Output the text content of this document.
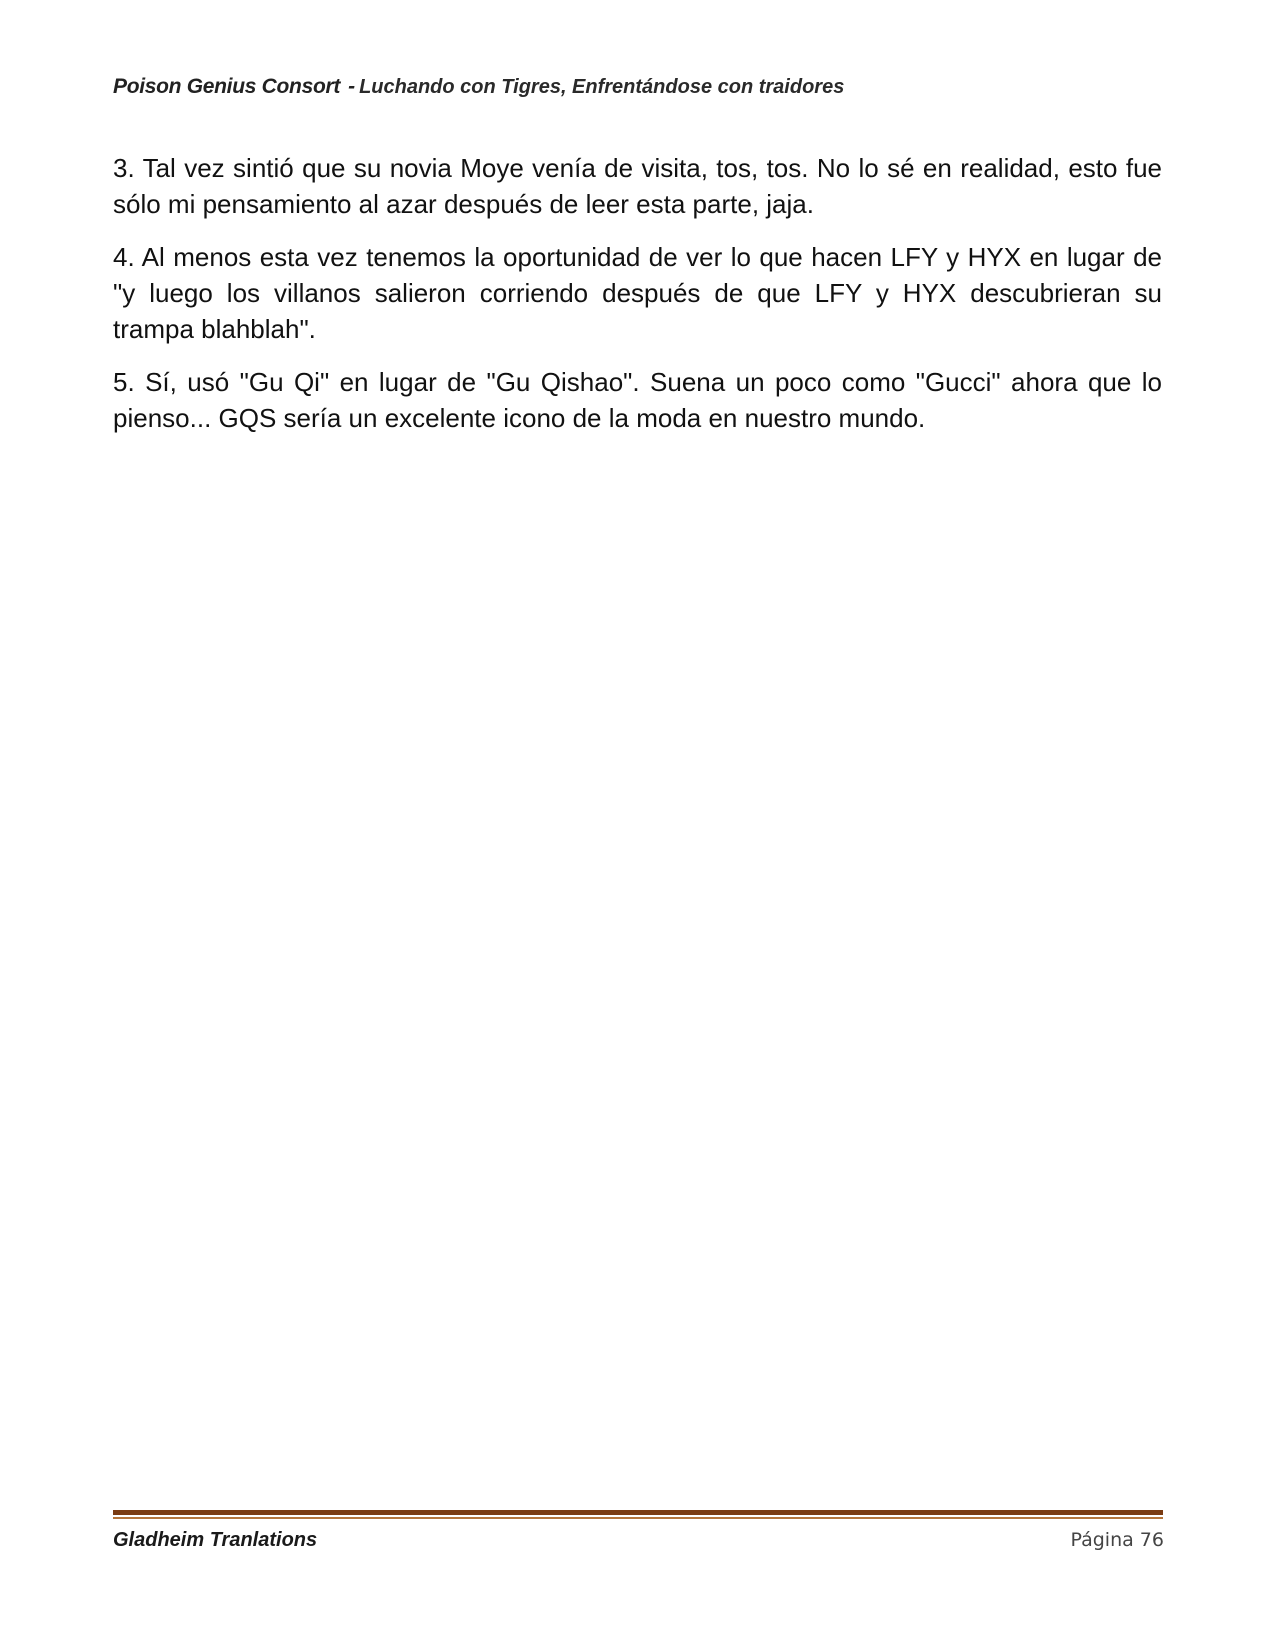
Poison Genius Consort - Luchando con Tigres, Enfrentándose con traidores

3. Tal vez sintió que su novia Moye venía de visita, tos, tos. No lo sé en realidad, esto fue sólo mi pensamiento al azar después de leer esta parte, jaja.

4. Al menos esta vez tenemos la oportunidad de ver lo que hacen LFY y HYX en lugar de "y luego los villanos salieron corriendo después de que LFY y HYX descubrieran su trampa blahblah".

5. Sí, usó "Gu Qi" en lugar de "Gu Qishao". Suena un poco como "Gucci" ahora que lo pienso... GQS sería un excelente icono de la moda en nuestro mundo.

Gladheim Tranlations	Página 76
